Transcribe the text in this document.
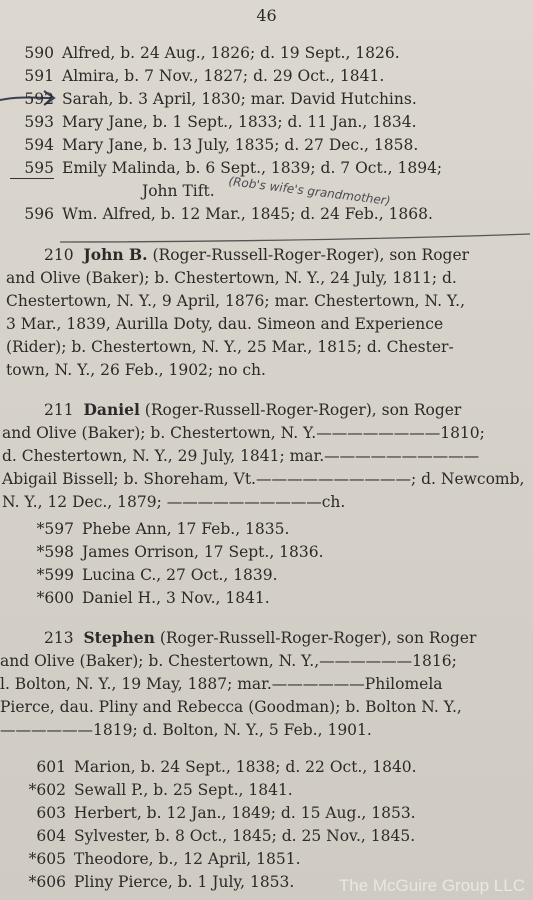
46
590 Alfred, b. 24 Aug., 1826; d. 19 Sept., 1826.
591 Almira, b. 7 Nov., 1827; d. 29 Oct., 1841.
592 Sarah, b. 3 April, 1830; mar. David Hutchins.
593 Mary Jane, b. 1 Sept., 1833; d. 11 Jan., 1834.
594 Mary Jane, b. 13 July, 1835; d. 27 Dec., 1858.
595 Emily Malinda, b. 6 Sept., 1839; d. 7 Oct., 1894;
John Tift. (Rob's wife's grandmother)
596 Wm. Alfred, b. 12 Mar., 1845; d. 24 Feb., 1868.
210 John B. (Roger-Russell-Roger-Roger), son Roger
and Olive (Baker); b. Chestertown, N. Y., 24 July, 1811; d.
Chestertown, N. Y., 9 April, 1876; mar. Chestertown, N. Y.,
3 Mar., 1839, Aurilla Doty, dau. Simeon and Experience
(Rider); b. Chestertown, N. Y., 25 Mar., 1815; d. Chester-
town, N. Y., 26 Feb., 1902; no ch.
211 Daniel (Roger-Russell-Roger-Roger), son Roger
and Olive (Baker); b. Chestertown, N. Y.————————1810;
d. Chestertown, N. Y., 29 July, 1841; mar.——————————
Abigail Bissell; b. Shoreham, Vt.——————————; d. Newcomb,
N. Y., 12 Dec., 1879; ——————————ch.
*597 Phebe Ann, 17 Feb., 1835.
*598 James Orrison, 17 Sept., 1836.
*599 Lucina C., 27 Oct., 1839.
*600 Daniel H., 3 Nov., 1841.
213 Stephen (Roger-Russell-Roger-Roger), son Roger
and Olive (Baker); b. Chestertown, N. Y.,——————1816;
l. Bolton, N. Y., 19 May, 1887; mar.——————Philomela
Pierce, dau. Pliny and Rebecca (Goodman); b. Bolton N. Y.,
——————1819; d. Bolton, N. Y., 5 Feb., 1901.
601 Marion, b. 24 Sept., 1838; d. 22 Oct., 1840.
*602 Sewall P., b. 25 Sept., 1841.
603 Herbert, b. 12 Jan., 1849; d. 15 Aug., 1853.
604 Sylvester, b. 8 Oct., 1845; d. 25 Nov., 1845.
*605 Theodore, b., 12 April, 1851.
*606 Pliny Pierce, b. 1 July, 1853.	The McGuire Group LLC
